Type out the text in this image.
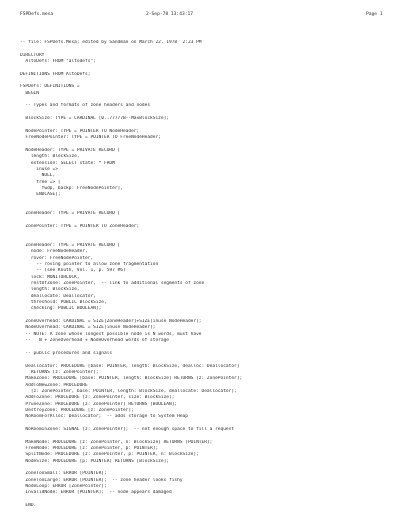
FSPDefs.mesa

	2-Sep-78 13:43:17

	Page 1

-- file: FSPDefs.Mesa; edited by Sandman on March 22, 1978  2:23 PM
DIRECTORY
AltoDefs: FROM "altodefs";
DEFINITIONS FROM AltoDefs;
FSPDefs: DEFINITIONS =
BEGIN
-- Types and formats of zone headers and nodes
BlockSize: TYPE = CARDINAL [0..77777B--MaxBlockSize];
NodePointer: TYPE = POINTER TO NodeHeader;
FreeNodePointer: TYPE = POINTER TO FreeNodeHeader;
NodeHeader: TYPE = PRIVATE RECORD [
length: BlockSize,
extension: SELECT state: * FROM
inuse =>
NULL,
free => [
fwdp, backp: FreeNodePointer],
ENDCASE];
ZoneHeader: TYPE = PRIVATE RECORD [
ZonePointer: TYPE = POINTER TO ZoneHeader;
ZoneHeader: TYPE = PRIVATE RECORD [
node: FreeNodeHeader,
rover: FreeNodePointer,
-- roving pointer to allow zone fragmentation
-- (see Knuth, Vol. 1, p. 597 #6)
lock: MONITORLOCK,
restOfZone: ZonePointer,  -- link to additional segments of zone
length: BlockSize,
deallocate: Deallocator,
threshold: PUBLIC BlockSize,
checking: PUBLIC BOOLEAN];
ZoneOverhead: CARDINAL = SIZE[ZoneHeader]+SIZE[inuse NodeHeader];
NodeOverhead: CARDINAL = SIZE[inuse NodeHeader];
-- NOTE: A zone whose longest possible node is N words, must have
--   N + ZoneOverhead + NodeOverhead words of storage
-- public procedures and signals
Deallocator: PROCEDURE [base: POINTER, length: BlockSize, dealloc: Deallocator]
RETURNS [z: ZonePointer];
MakeZone: PROCEDURE [base: POINTER, length: BlockSize] RETURNS [z: ZonePointer];
AddToNewZone: PROCEDURE
[z: ZonePointer, base: POINTER, length: BlockSize, deallocate: Deallocator];
AddToZone: PROCEDURE [z: ZonePointer, size: BlockSize];
PruneZone: PROCEDURE [z: ZonePointer] RETURNS [BOOLEAN];
DestroyZone: PROCEDURE [z: ZonePointer];
NoRoomForAlloc: Deallocator;  -- adds storage to System Heap
NoRoomInZone: SIGNAL [z: ZonePointer];  -- not enough space to fill a request
MakeNode: PROCEDURE [z: ZonePointer, n: BlockSize] RETURNS [POINTER];
FreeNode: PROCEDURE [z: ZonePointer, p: POINTER];
SplitNode: PROCEDURE [z: ZonePointer, p: POINTER, n: BlockSize];
NodeSize: PROCEDURE [p: POINTER] RETURNS [BlockSize];
ZoneTooSmall: ERROR [POINTER];
ZoneTooLarge: ERROR [POINTER];  -- zone header looks fishy
NodeLoop: ERROR [ZonePointer];
InvalidNode: ERROR [POINTER];  -- node appears damaged
END.
